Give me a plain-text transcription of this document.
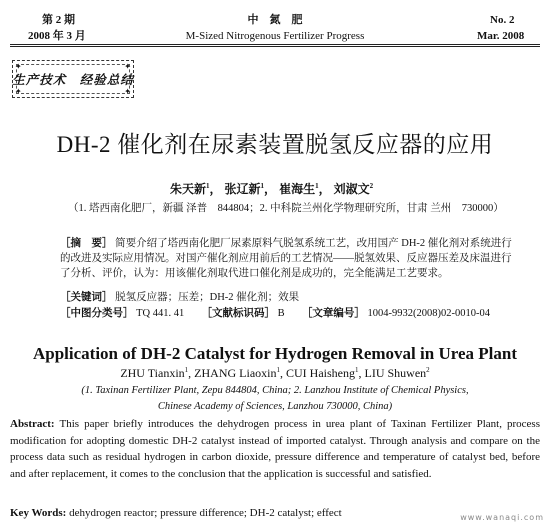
第 2 期
2008 年 3 月
中　氮　肥
M-Sized Nitrogenous Fertilizer Progress
No. 2
Mar. 2008
✦	✦
✦	✦
生产技术　经验总结
DH-2 催化剂在尿素装置脱氢反应器的应用
朱天新$^1$， 张辽新$^1$， 崔海生$^1$， 刘淑文$^2$
（1. 塔西南化肥厂，新疆 泽普　844804；2. 中科院兰州化学物理研究所，甘肃 兰州　730000）
［摘　要］ 简要介绍了塔西南化肥厂尿素原料气脱氢系统工艺，改用国产 DH-2 催化剂对系统进行的改进及实际应用情况。对国产催化剂应用前后的工艺情况——脱氢效果、反应器压差及床温进行了分析、评价，认为：用该催化剂取代进口催化剂是成功的，完全能满足工艺要求。
［关键词］ 脱氢反应器；压差；DH-2 催化剂；效果
［中图分类号］ TQ 441. 41 ［文献标识码］ B ［文章编号］ 1004-9932(2008)02-0010-04
Application of DH-2 Catalyst for Hydrogen Removal in Urea Plant
ZHU Tianxin$^1$, ZHANG Liaoxin$^1$, CUI Haisheng$^1$, LIU Shuwen$^2$
(1. Taxinan Fertilizer Plant, Zepu 844804, China; 2. Lanzhou Institute of Chemical Physics,
Chinese Academy of Sciences, Lanzhou 730000, China)
Abstract: This paper briefly introduces the dehydrogen process in urea plant of Taxinan Fertilizer Plant, process modification for adopting domestic DH-2 catalyst instead of imported catalyst. Through analysis and compare on the process data such as residual hydrogen in carbon dioxide, pressure difference and temperature of catalyst bed, before and after replacement, it comes to the conclusion that the application is successful and satisfied.
Key Words: dehydrogen reactor; pressure difference; DH-2 catalyst; effect	www.wanaqi.com
